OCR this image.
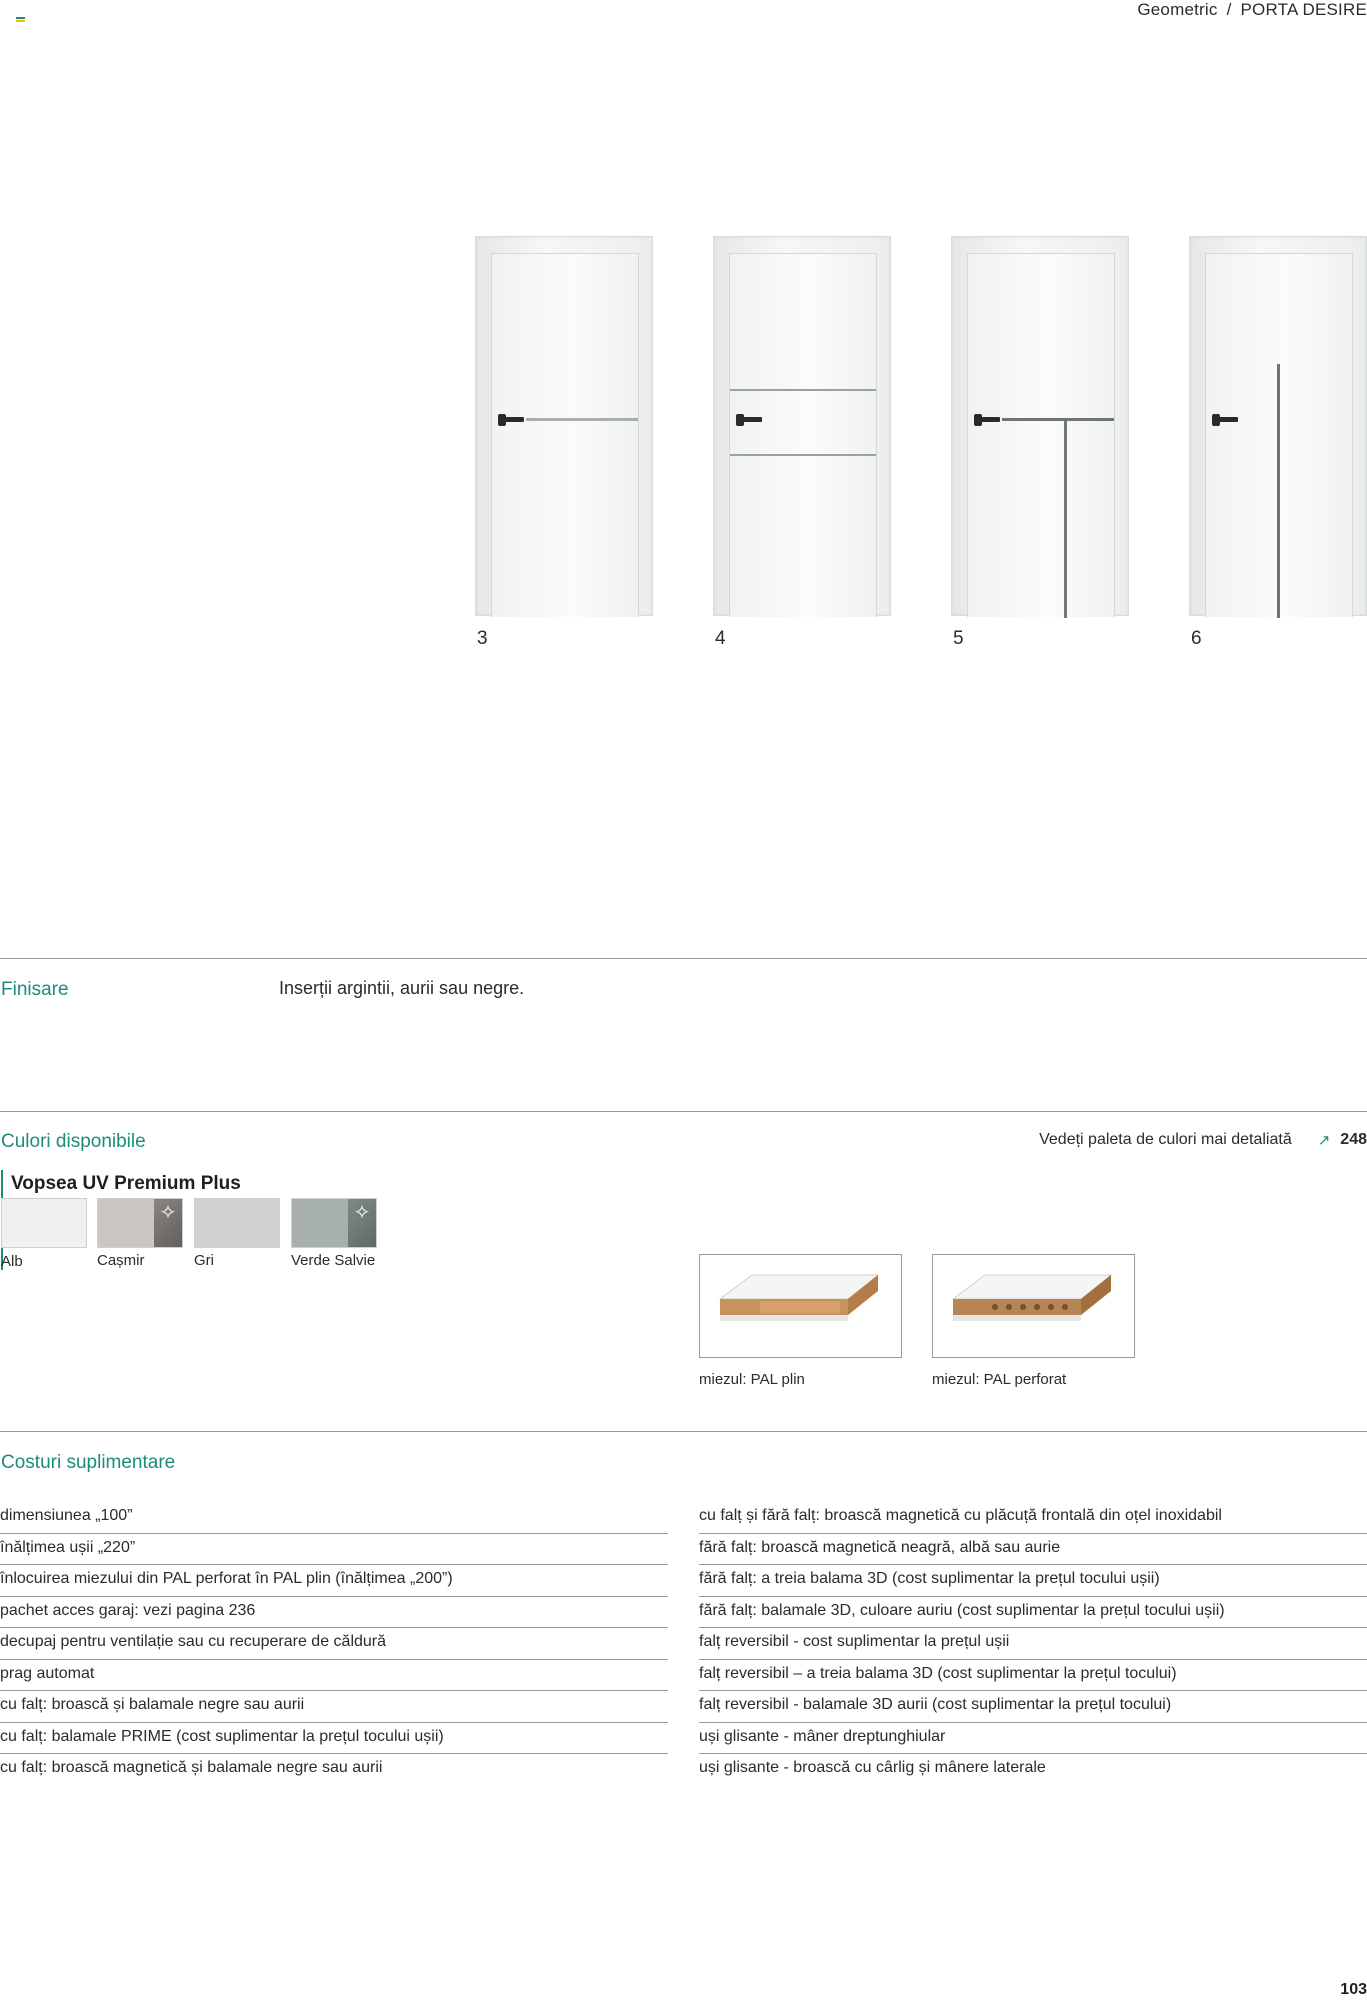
Geometric / PORTA DESIRE
3	4	5	6
Finisare	Inserții argintii, aurii sau negre.
Culori disponibile	Vedeți paleta de culori mai detaliată ↗ 248
Vopsea UV Premium Plus
✧	✧
Alb	Cașmir	Gri	Verde Salvie
miezul: PAL plin	miezul: PAL perforat
Costuri suplimentare
dimensiunea „100”
înălțimea ușii „220”
înlocuirea miezului din PAL perforat în PAL plin (înălțimea „200”)
pachet acces garaj: vezi pagina 236
decupaj pentru ventilație sau cu recuperare de căldură
prag automat
cu falț: broască și balamale negre sau aurii
cu falț: balamale PRIME (cost suplimentar la prețul tocului ușii)
cu falț: broască magnetică și balamale negre sau aurii
cu falț și fără falț: broască magnetică cu plăcuță frontală din oțel inoxidabil
fără falț: broască magnetică neagră, albă sau aurie
fără falț: a treia balama 3D (cost suplimentar la prețul tocului ușii)
fără falț: balamale 3D, culoare auriu (cost suplimentar la prețul tocului ușii)
falț reversibil - cost suplimentar la prețul ușii
falț reversibil – a treia balama 3D (cost suplimentar la prețul tocului)
falț reversibil - balamale 3D aurii (cost suplimentar la prețul tocului)
uși glisante - mâner dreptunghiular
uși glisante - broască cu cârlig și mânere laterale
103
